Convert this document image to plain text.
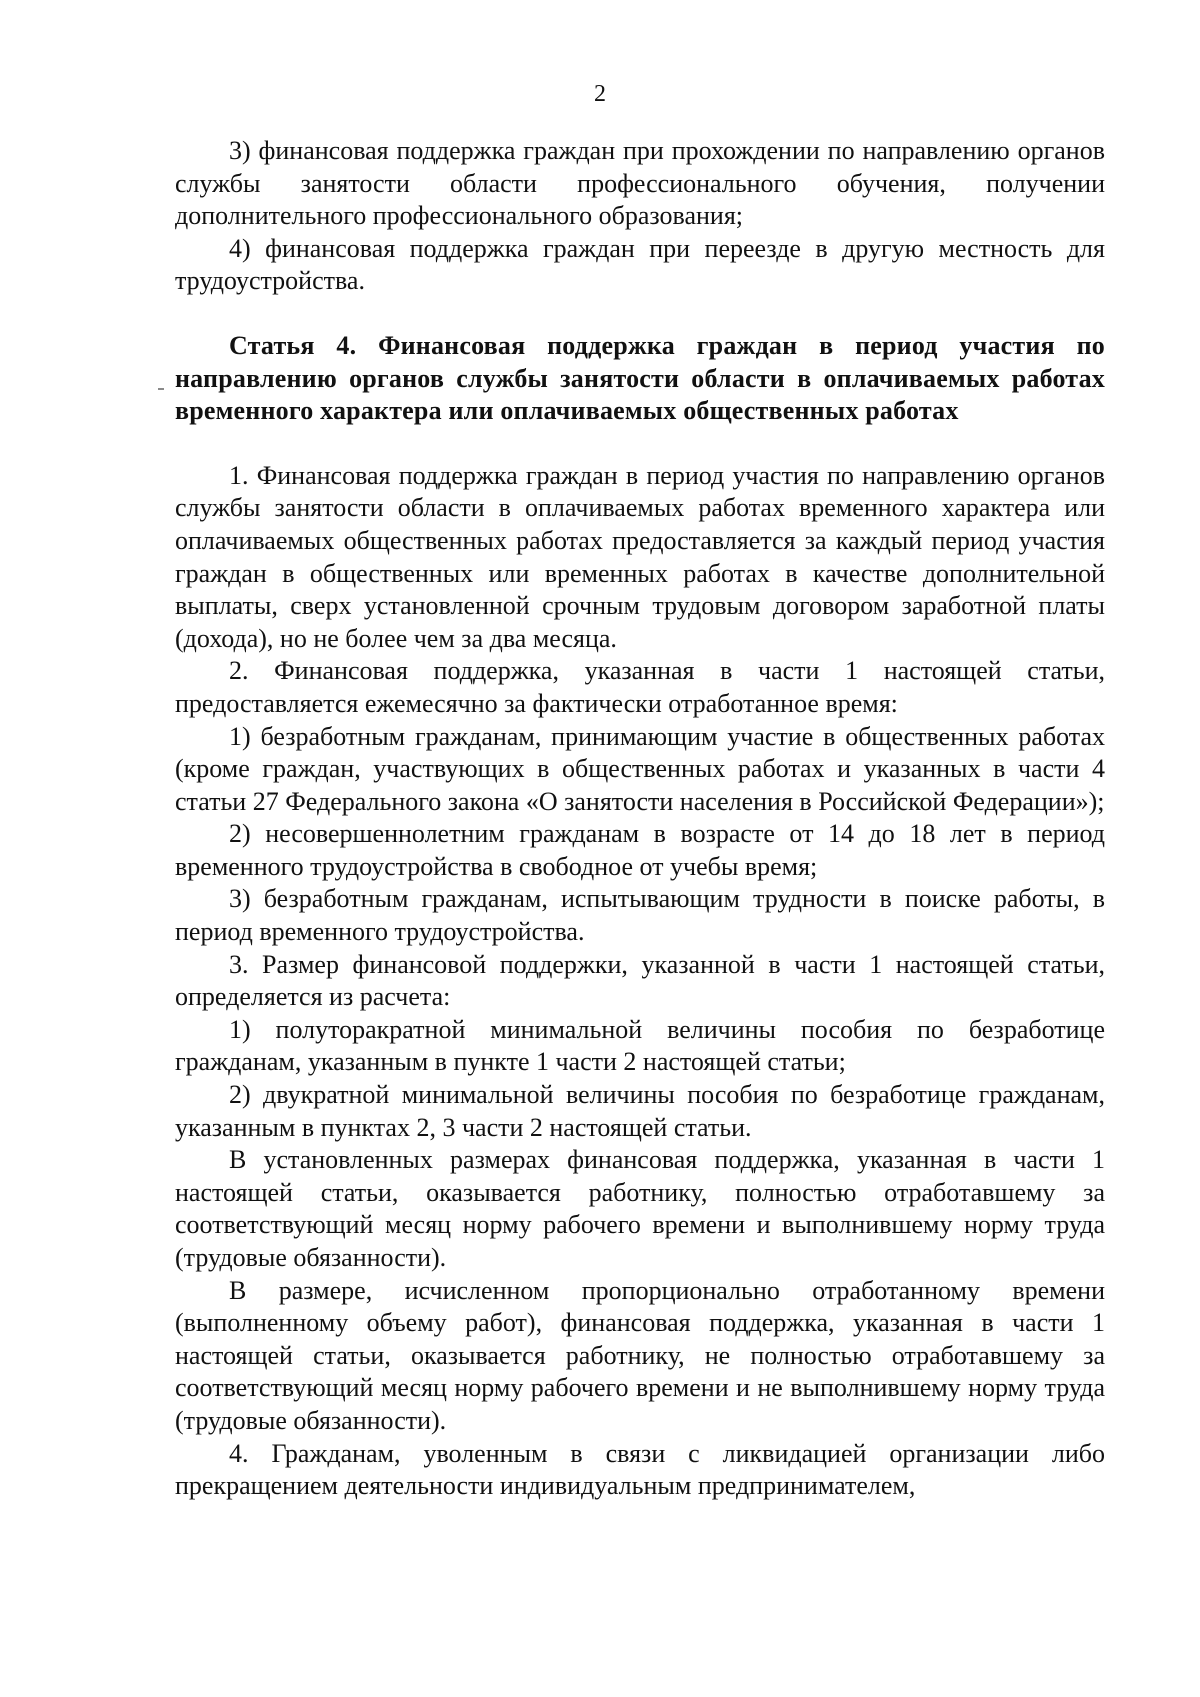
2

3) финансовая поддержка граждан при прохождении по направлению органов службы занятости области профессионального обучения, получении дополнительного профессионального образования;

4) финансовая поддержка граждан при переезде в другую местность для трудоустройства.

Статья 4. Финансовая поддержка граждан в период участия по направлению органов службы занятости области в оплачиваемых работах временного характера или оплачиваемых общественных работах

1. Финансовая поддержка граждан в период участия по направлению органов службы занятости области в оплачиваемых работах временного характера или оплачиваемых общественных работах предоставляется за каждый период участия граждан в общественных или временных работах в качестве дополнительной выплаты, сверх установленной срочным трудовым договором заработной платы (дохода), но не более чем за два месяца.

2. Финансовая поддержка, указанная в части 1 настоящей статьи, предоставляется ежемесячно за фактически отработанное время:

1) безработным гражданам, принимающим участие в общественных работах (кроме граждан, участвующих в общественных работах и указанных в части 4 статьи 27 Федерального закона «О занятости населения в Российской Федерации»);

2) несовершеннолетним гражданам в возрасте от 14 до 18 лет в период временного трудоустройства в свободное от учебы время;

3) безработным гражданам, испытывающим трудности в поиске работы, в период временного трудоустройства.

3. Размер финансовой поддержки, указанной в части 1 настоящей статьи, определяется из расчета:

1) полуторакратной минимальной величины пособия по безработице гражданам, указанным в пункте 1 части 2 настоящей статьи;

2) двукратной минимальной величины пособия по безработице гражданам, указанным в пунктах 2, 3 части 2 настоящей статьи.

В установленных размерах финансовая поддержка, указанная в части 1 настоящей статьи, оказывается работнику, полностью отработавшему за соответствующий месяц норму рабочего времени и выполнившему норму труда (трудовые обязанности).

В размере, исчисленном пропорционально отработанному времени (выполненному объему работ), финансовая поддержка, указанная в части 1 настоящей статьи, оказывается работнику, не полностью отработавшему за соответствующий месяц норму рабочего времени и не выполнившему норму труда (трудовые обязанности).

4. Гражданам, уволенным в связи с ликвидацией организации либо прекращением деятельности индивидуальным предпринимателем,
